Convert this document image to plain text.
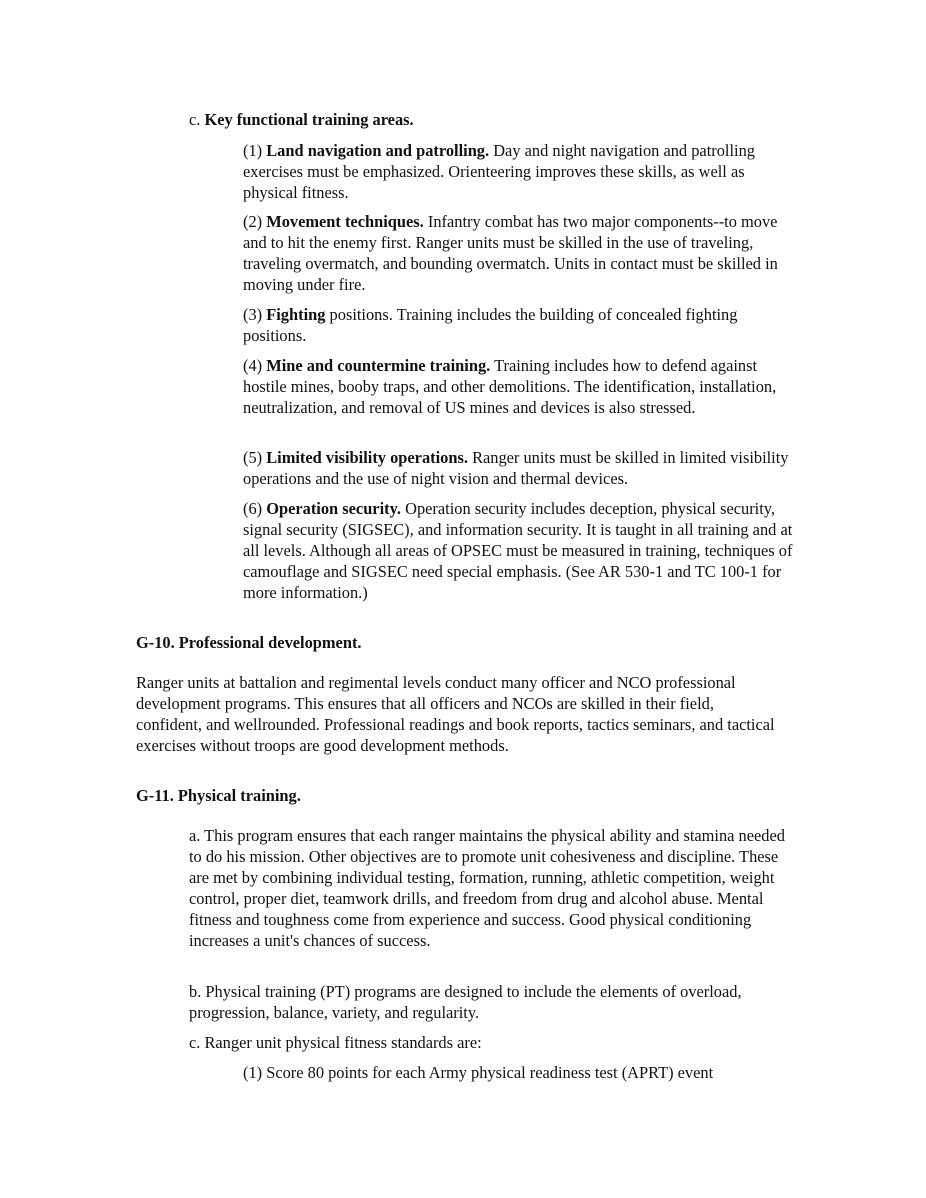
c. Key functional training areas.

(1) Land navigation and patrolling. Day and night navigation and patrolling exercises must be emphasized. Orienteering improves these skills, as well as physical fitness.

(2) Movement techniques. Infantry combat has two major components--to move and to hit the enemy first. Ranger units must be skilled in the use of traveling, traveling overmatch, and bounding overmatch. Units in contact must be skilled in moving under fire.

(3) Fighting positions. Training includes the building of concealed fighting positions.

(4) Mine and countermine training. Training includes how to defend against hostile mines, booby traps, and other demolitions. The identification, installation, neutralization, and removal of US mines and devices is also stressed.

(5) Limited visibility operations. Ranger units must be skilled in limited visibility operations and the use of night vision and thermal devices.

(6) Operation security. Operation security includes deception, physical security, signal security (SIGSEC), and information security. It is taught in all training and at all levels. Although all areas of OPSEC must be measured in training, techniques of camouflage and SIGSEC need special emphasis. (See AR 530-1 and TC 100-1 for more information.)

G-10. Professional development.

Ranger units at battalion and regimental levels conduct many officer and NCO professional development programs. This ensures that all officers and NCOs are skilled in their field, confident, and wellrounded. Professional readings and book reports, tactics seminars, and tactical exercises without troops are good development methods.

G-11. Physical training.

a. This program ensures that each ranger maintains the physical ability and stamina needed to do his mission. Other objectives are to promote unit cohesiveness and discipline. These are met by combining individual testing, formation, running, athletic competition, weight control, proper diet, teamwork drills, and freedom from drug and alcohol abuse. Mental fitness and toughness come from experience and success. Good physical conditioning increases a unit's chances of success.

b. Physical training (PT) programs are designed to include the elements of overload, progression, balance, variety, and regularity.

c. Ranger unit physical fitness standards are:

(1) Score 80 points for each Army physical readiness test (APRT) event
